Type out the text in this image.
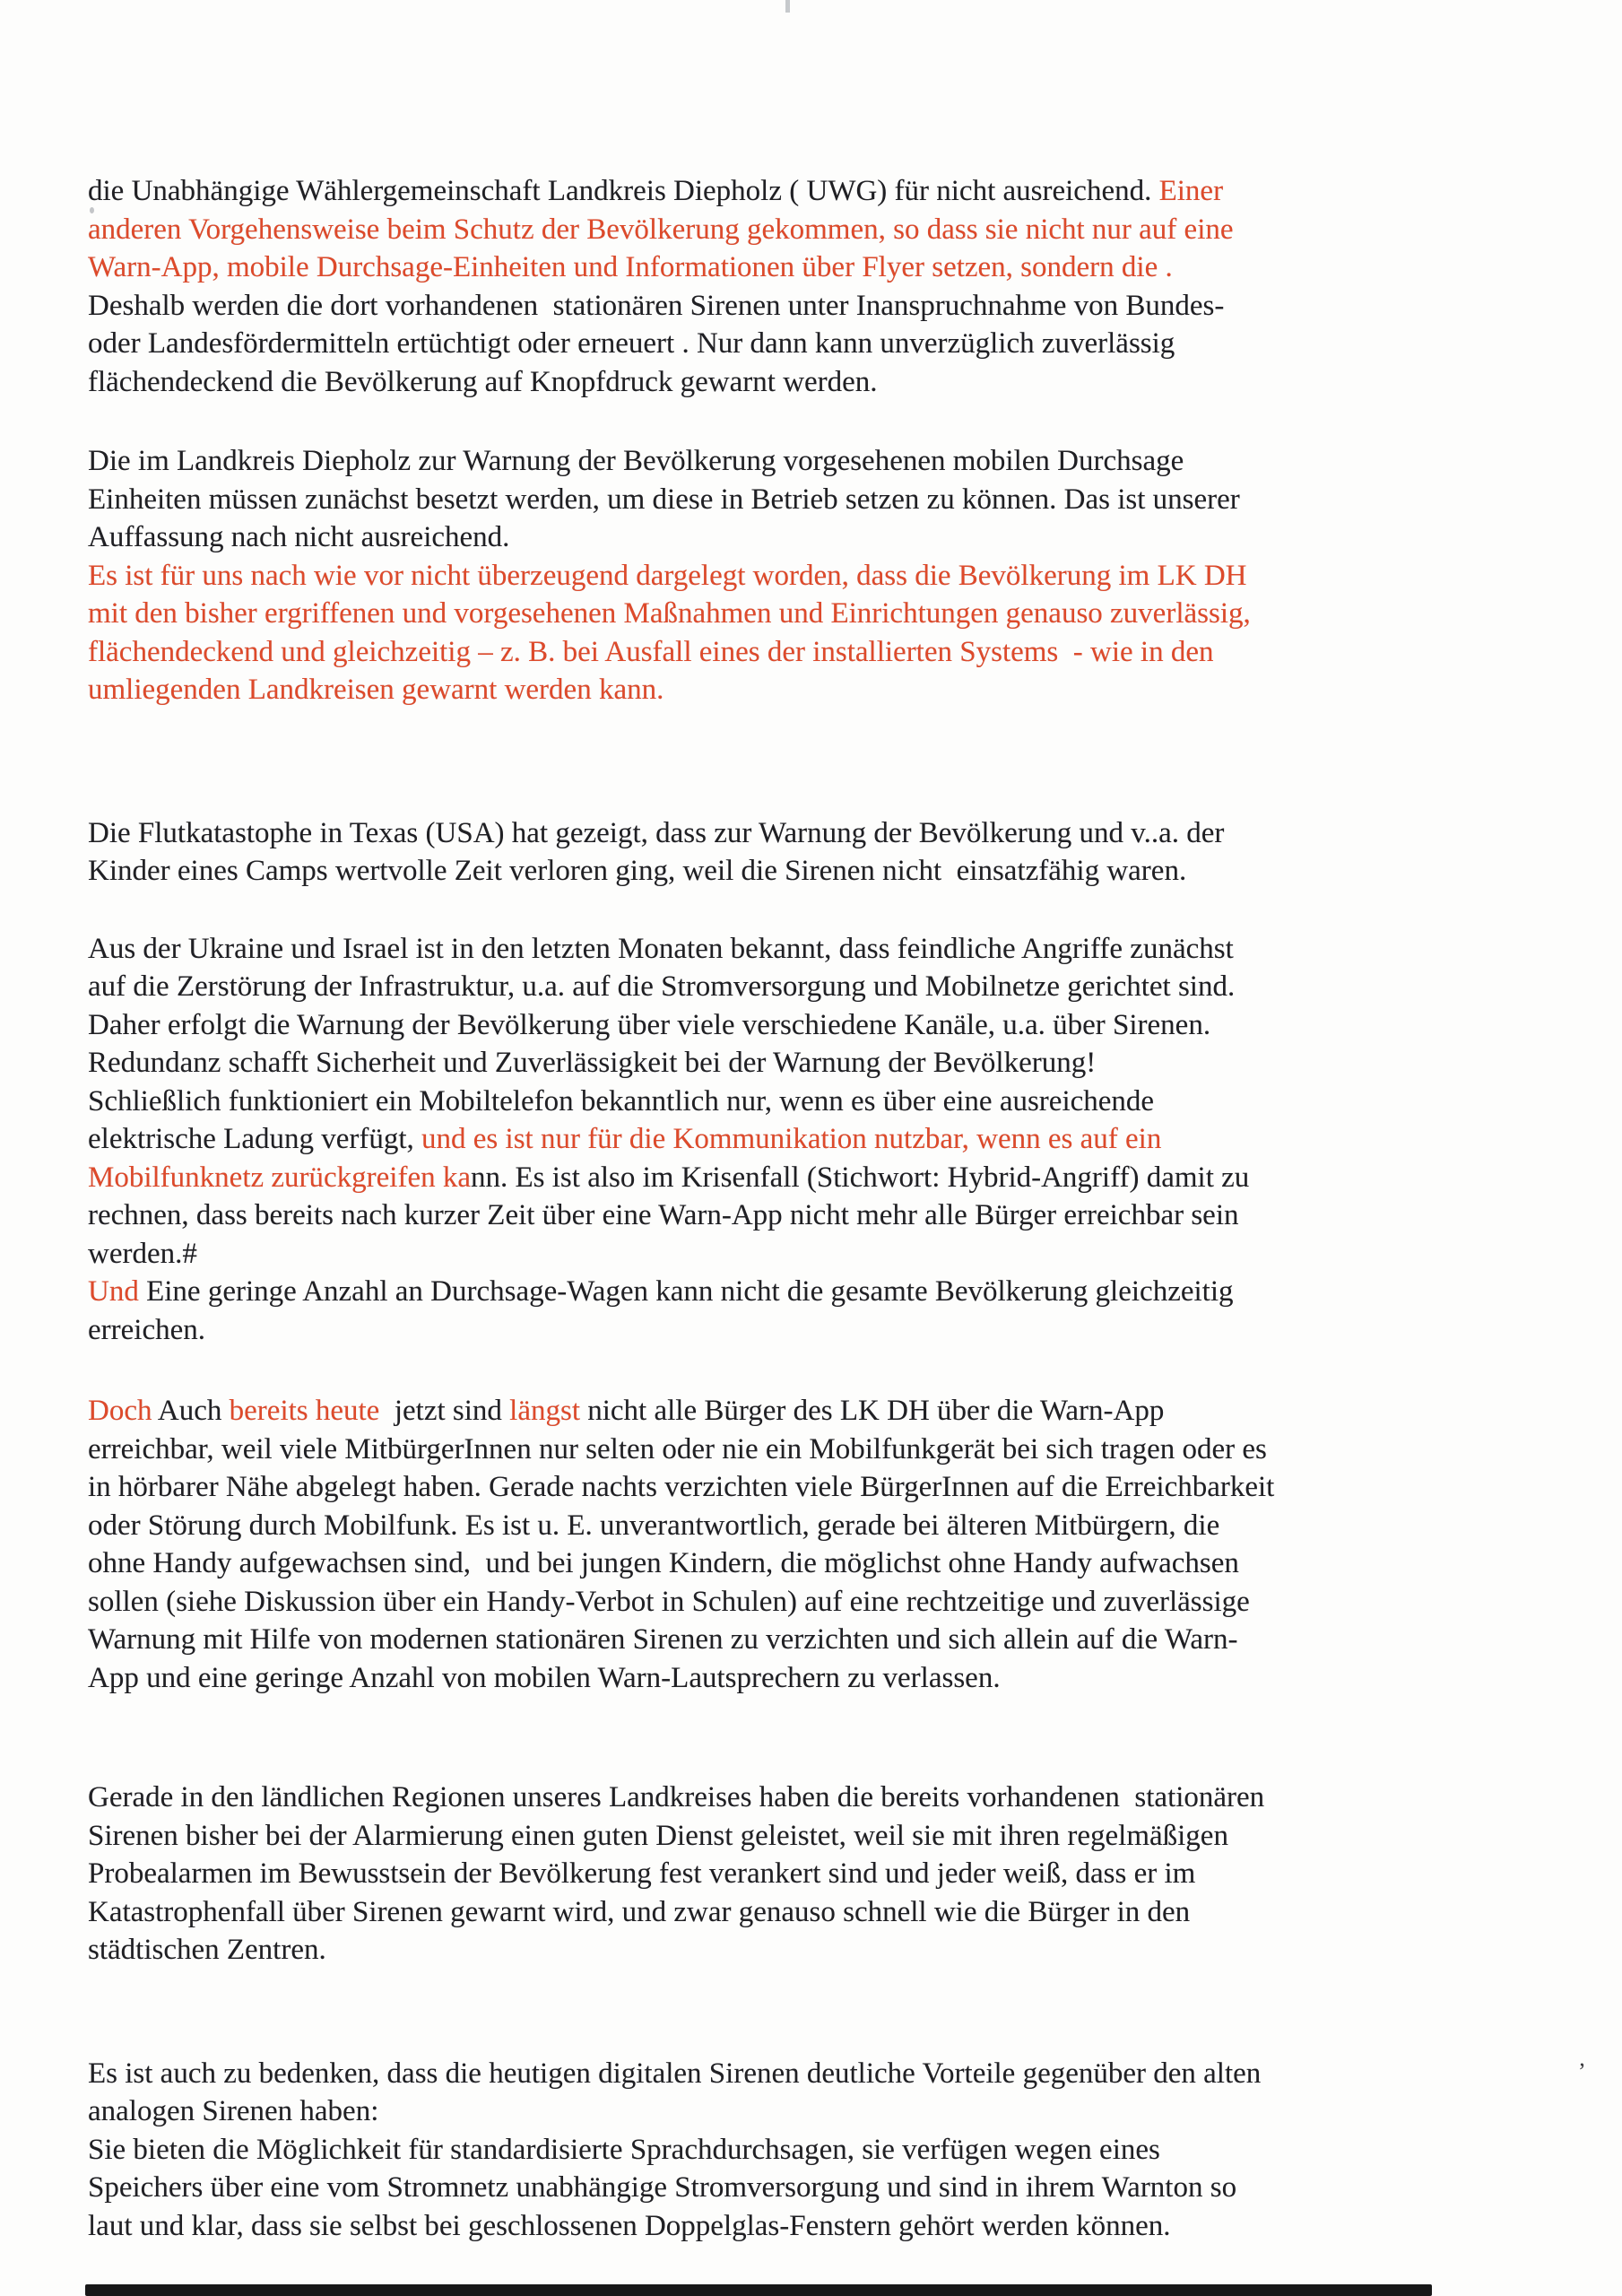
die Unabhängige Wählergemeinschaft Landkreis Diepholz ( UWG) für nicht ausreichend. Einer
anderen Vorgehensweise beim Schutz der Bevölkerung gekommen, so dass sie nicht nur auf eine
Warn-App, mobile Durchsage-Einheiten und Informationen über Flyer setzen, sondern die .
Deshalb werden die dort vorhandenen  stationären Sirenen unter Inanspruchnahme von Bundes-
oder Landesfördermitteln ertüchtigt oder erneuert . Nur dann kann unverzüglich zuverlässig
flächendeckend die Bevölkerung auf Knopfdruck gewarnt werden.
Die im Landkreis Diepholz zur Warnung der Bevölkerung vorgesehenen mobilen Durchsage
Einheiten müssen zunächst besetzt werden, um diese in Betrieb setzen zu können. Das ist unserer
Auffassung nach nicht ausreichend.
Es ist für uns nach wie vor nicht überzeugend dargelegt worden, dass die Bevölkerung im LK DH
mit den bisher ergriffenen und vorgesehenen Maßnahmen und Einrichtungen genauso zuverlässig,
flächendeckend und gleichzeitig – z. B. bei Ausfall eines der installierten Systems  - wie in den
umliegenden Landkreisen gewarnt werden kann.
Die Flutkatastophe in Texas (USA) hat gezeigt, dass zur Warnung der Bevölkerung und v..a. der
Kinder eines Camps wertvolle Zeit verloren ging, weil die Sirenen nicht  einsatzfähig waren.
Aus der Ukraine und Israel ist in den letzten Monaten bekannt, dass feindliche Angriffe zunächst
auf die Zerstörung der Infrastruktur, u.a. auf die Stromversorgung und Mobilnetze gerichtet sind.
Daher erfolgt die Warnung der Bevölkerung über viele verschiedene Kanäle, u.a. über Sirenen.
Redundanz schafft Sicherheit und Zuverlässigkeit bei der Warnung der Bevölkerung!
Schließlich funktioniert ein Mobiltelefon bekanntlich nur, wenn es über eine ausreichende
elektrische Ladung verfügt, und es ist nur für die Kommunikation nutzbar, wenn es auf ein
Mobilfunknetz zurückgreifen kann. Es ist also im Krisenfall (Stichwort: Hybrid-Angriff) damit zu
rechnen, dass bereits nach kurzer Zeit über eine Warn-App nicht mehr alle Bürger erreichbar sein
werden.#
Und Eine geringe Anzahl an Durchsage-Wagen kann nicht die gesamte Bevölkerung gleichzeitig
erreichen.
Doch Auch bereits heute  jetzt sind längst nicht alle Bürger des LK DH über die Warn-App
erreichbar, weil viele MitbürgerInnen nur selten oder nie ein Mobilfunkgerät bei sich tragen oder es
in hörbarer Nähe abgelegt haben. Gerade nachts verzichten viele BürgerInnen auf die Erreichbarkeit
oder Störung durch Mobilfunk. Es ist u. E. unverantwortlich, gerade bei älteren Mitbürgern, die
ohne Handy aufgewachsen sind,  und bei jungen Kindern, die möglichst ohne Handy aufwachsen
sollen (siehe Diskussion über ein Handy-Verbot in Schulen) auf eine rechtzeitige und zuverlässige
Warnung mit Hilfe von modernen stationären Sirenen zu verzichten und sich allein auf die Warn-
App und eine geringe Anzahl von mobilen Warn-Lautsprechern zu verlassen.
Gerade in den ländlichen Regionen unseres Landkreises haben die bereits vorhandenen  stationären
Sirenen bisher bei der Alarmierung einen guten Dienst geleistet, weil sie mit ihren regelmäßigen
Probealarmen im Bewusstsein der Bevölkerung fest verankert sind und jeder weiß, dass er im
Katastrophenfall über Sirenen gewarnt wird, und zwar genauso schnell wie die Bürger in den
städtischen Zentren.
Es ist auch zu bedenken, dass die heutigen digitalen Sirenen deutliche Vorteile gegenüber den alten
analogen Sirenen haben:
Sie bieten die Möglichkeit für standardisierte Sprachdurchsagen, sie verfügen wegen eines
Speichers über eine vom Stromnetz unabhängige Stromversorgung und sind in ihrem Warnton so
laut und klar, dass sie selbst bei geschlossenen Doppelglas-Fenstern gehört werden können.
’
